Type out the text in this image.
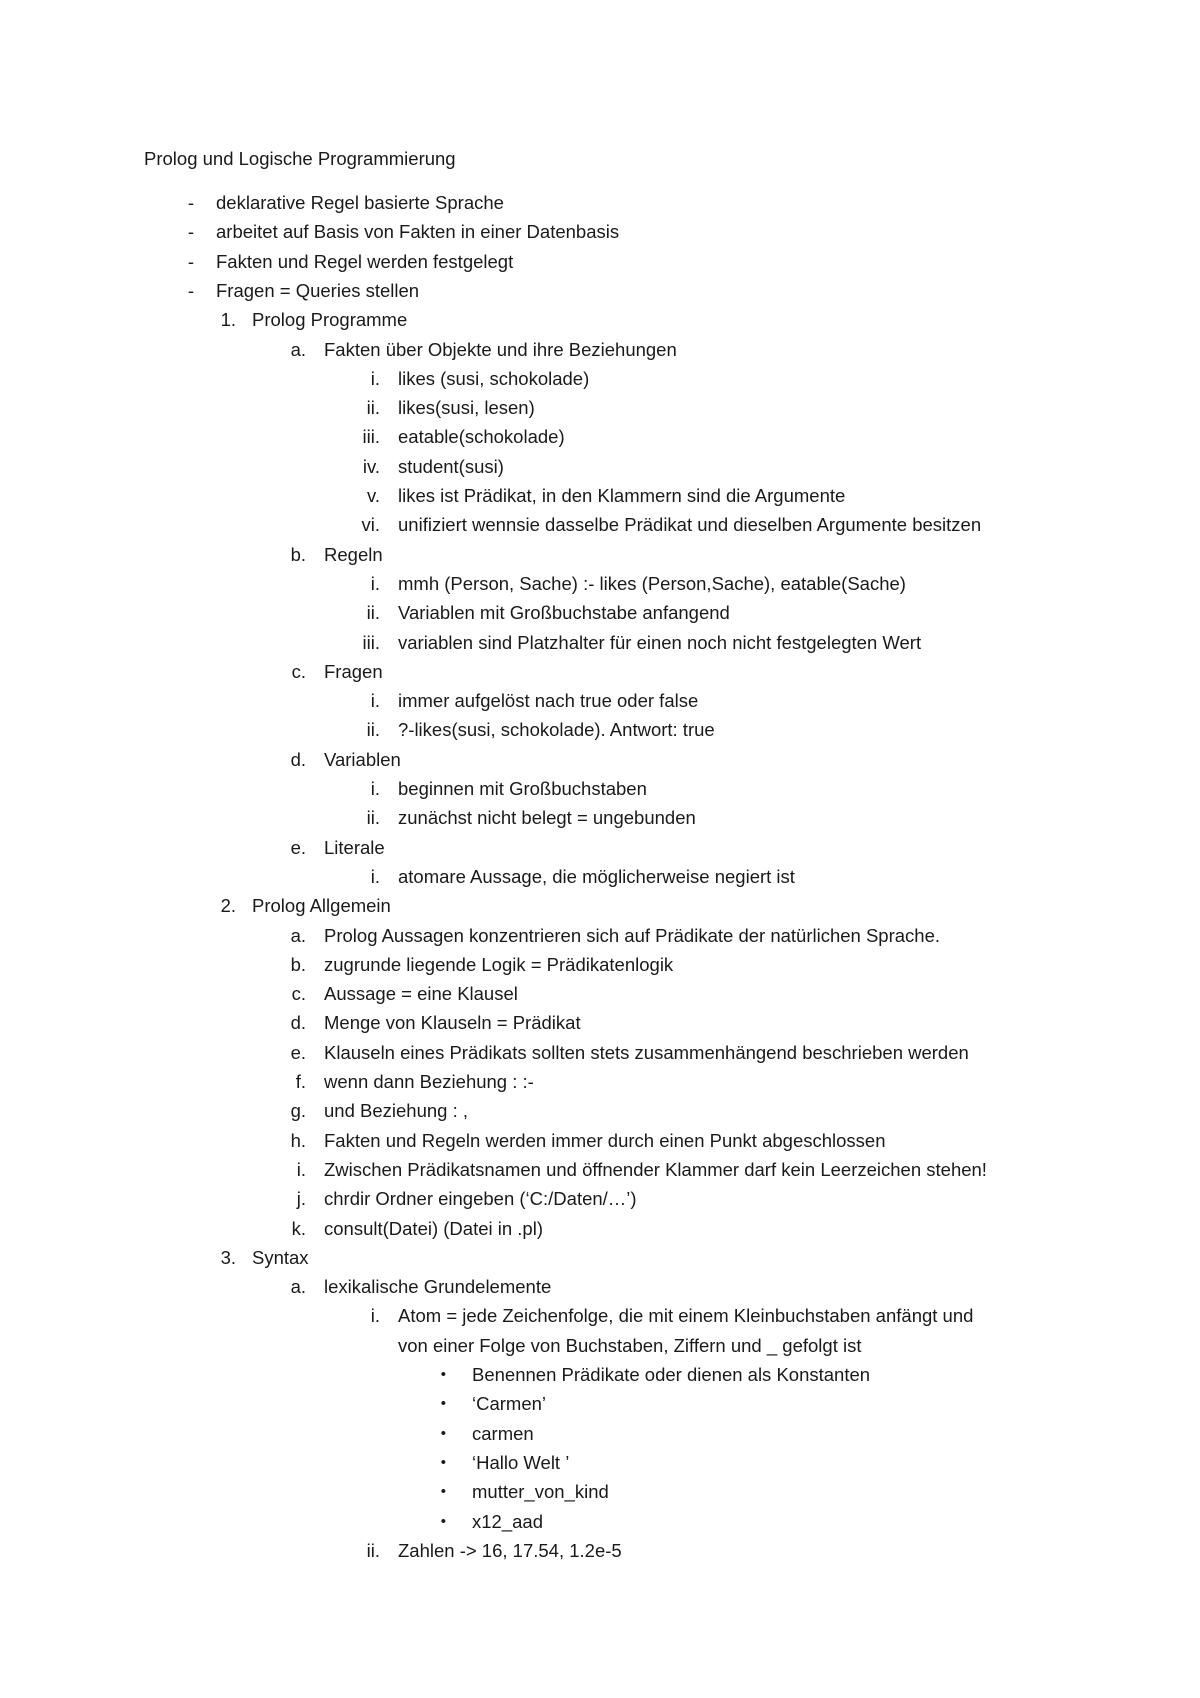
Prolog und Logische Programmierung
- deklarative Regel basierte Sprache
- arbeitet auf Basis von Fakten in einer Datenbasis
- Fakten und Regel werden festgelegt
- Fragen = Queries stellen
1. Prolog Programme
a. Fakten über Objekte und ihre Beziehungen
i. likes (susi, schokolade)
ii. likes(susi, lesen)
iii. eatable(schokolade)
iv. student(susi)
v. likes ist Prädikat, in den Klammern sind die Argumente
vi. unifiziert wennsie dasselbe Prädikat und dieselben Argumente besitzen
b. Regeln
i. mmh (Person, Sache) :- likes (Person,Sache), eatable(Sache)
ii. Variablen mit Großbuchstabe anfangend
iii. variablen sind Platzhalter für einen noch nicht festgelegten Wert
c. Fragen
i. immer aufgelöst nach true oder false
ii. ?-likes(susi, schokolade). Antwort: true
d. Variablen
i. beginnen mit Großbuchstaben
ii. zunächst nicht belegt = ungebunden
e. Literale
i. atomare Aussage, die möglicherweise negiert ist
2. Prolog Allgemein
a. Prolog Aussagen konzentrieren sich auf Prädikate der natürlichen Sprache.
b. zugrunde liegende Logik = Prädikatenlogik
c. Aussage = eine Klausel
d. Menge von Klauseln = Prädikat
e. Klauseln eines Prädikats sollten stets zusammenhängend beschrieben werden
f. wenn dann Beziehung : :-
g. und Beziehung : ,
h. Fakten und Regeln werden immer durch einen Punkt abgeschlossen
i. Zwischen Prädikatsnamen und öffnender Klammer darf kein Leerzeichen stehen!
j. chrdir Ordner eingeben (‘C:/Daten/…’)
k. consult(Datei) (Datei in .pl)
3. Syntax
a. lexikalische Grundelemente
i. Atom = jede Zeichenfolge, die mit einem Kleinbuchstaben anfängt und
von einer Folge von Buchstaben, Ziffern und _ gefolgt ist
• Benennen Prädikate oder dienen als Konstanten
• ‘Carmen’
• carmen
• ‘Hallo Welt ’
• mutter_von_kind
• x12_aad
ii. Zahlen -> 16, 17.54, 1.2e-5
